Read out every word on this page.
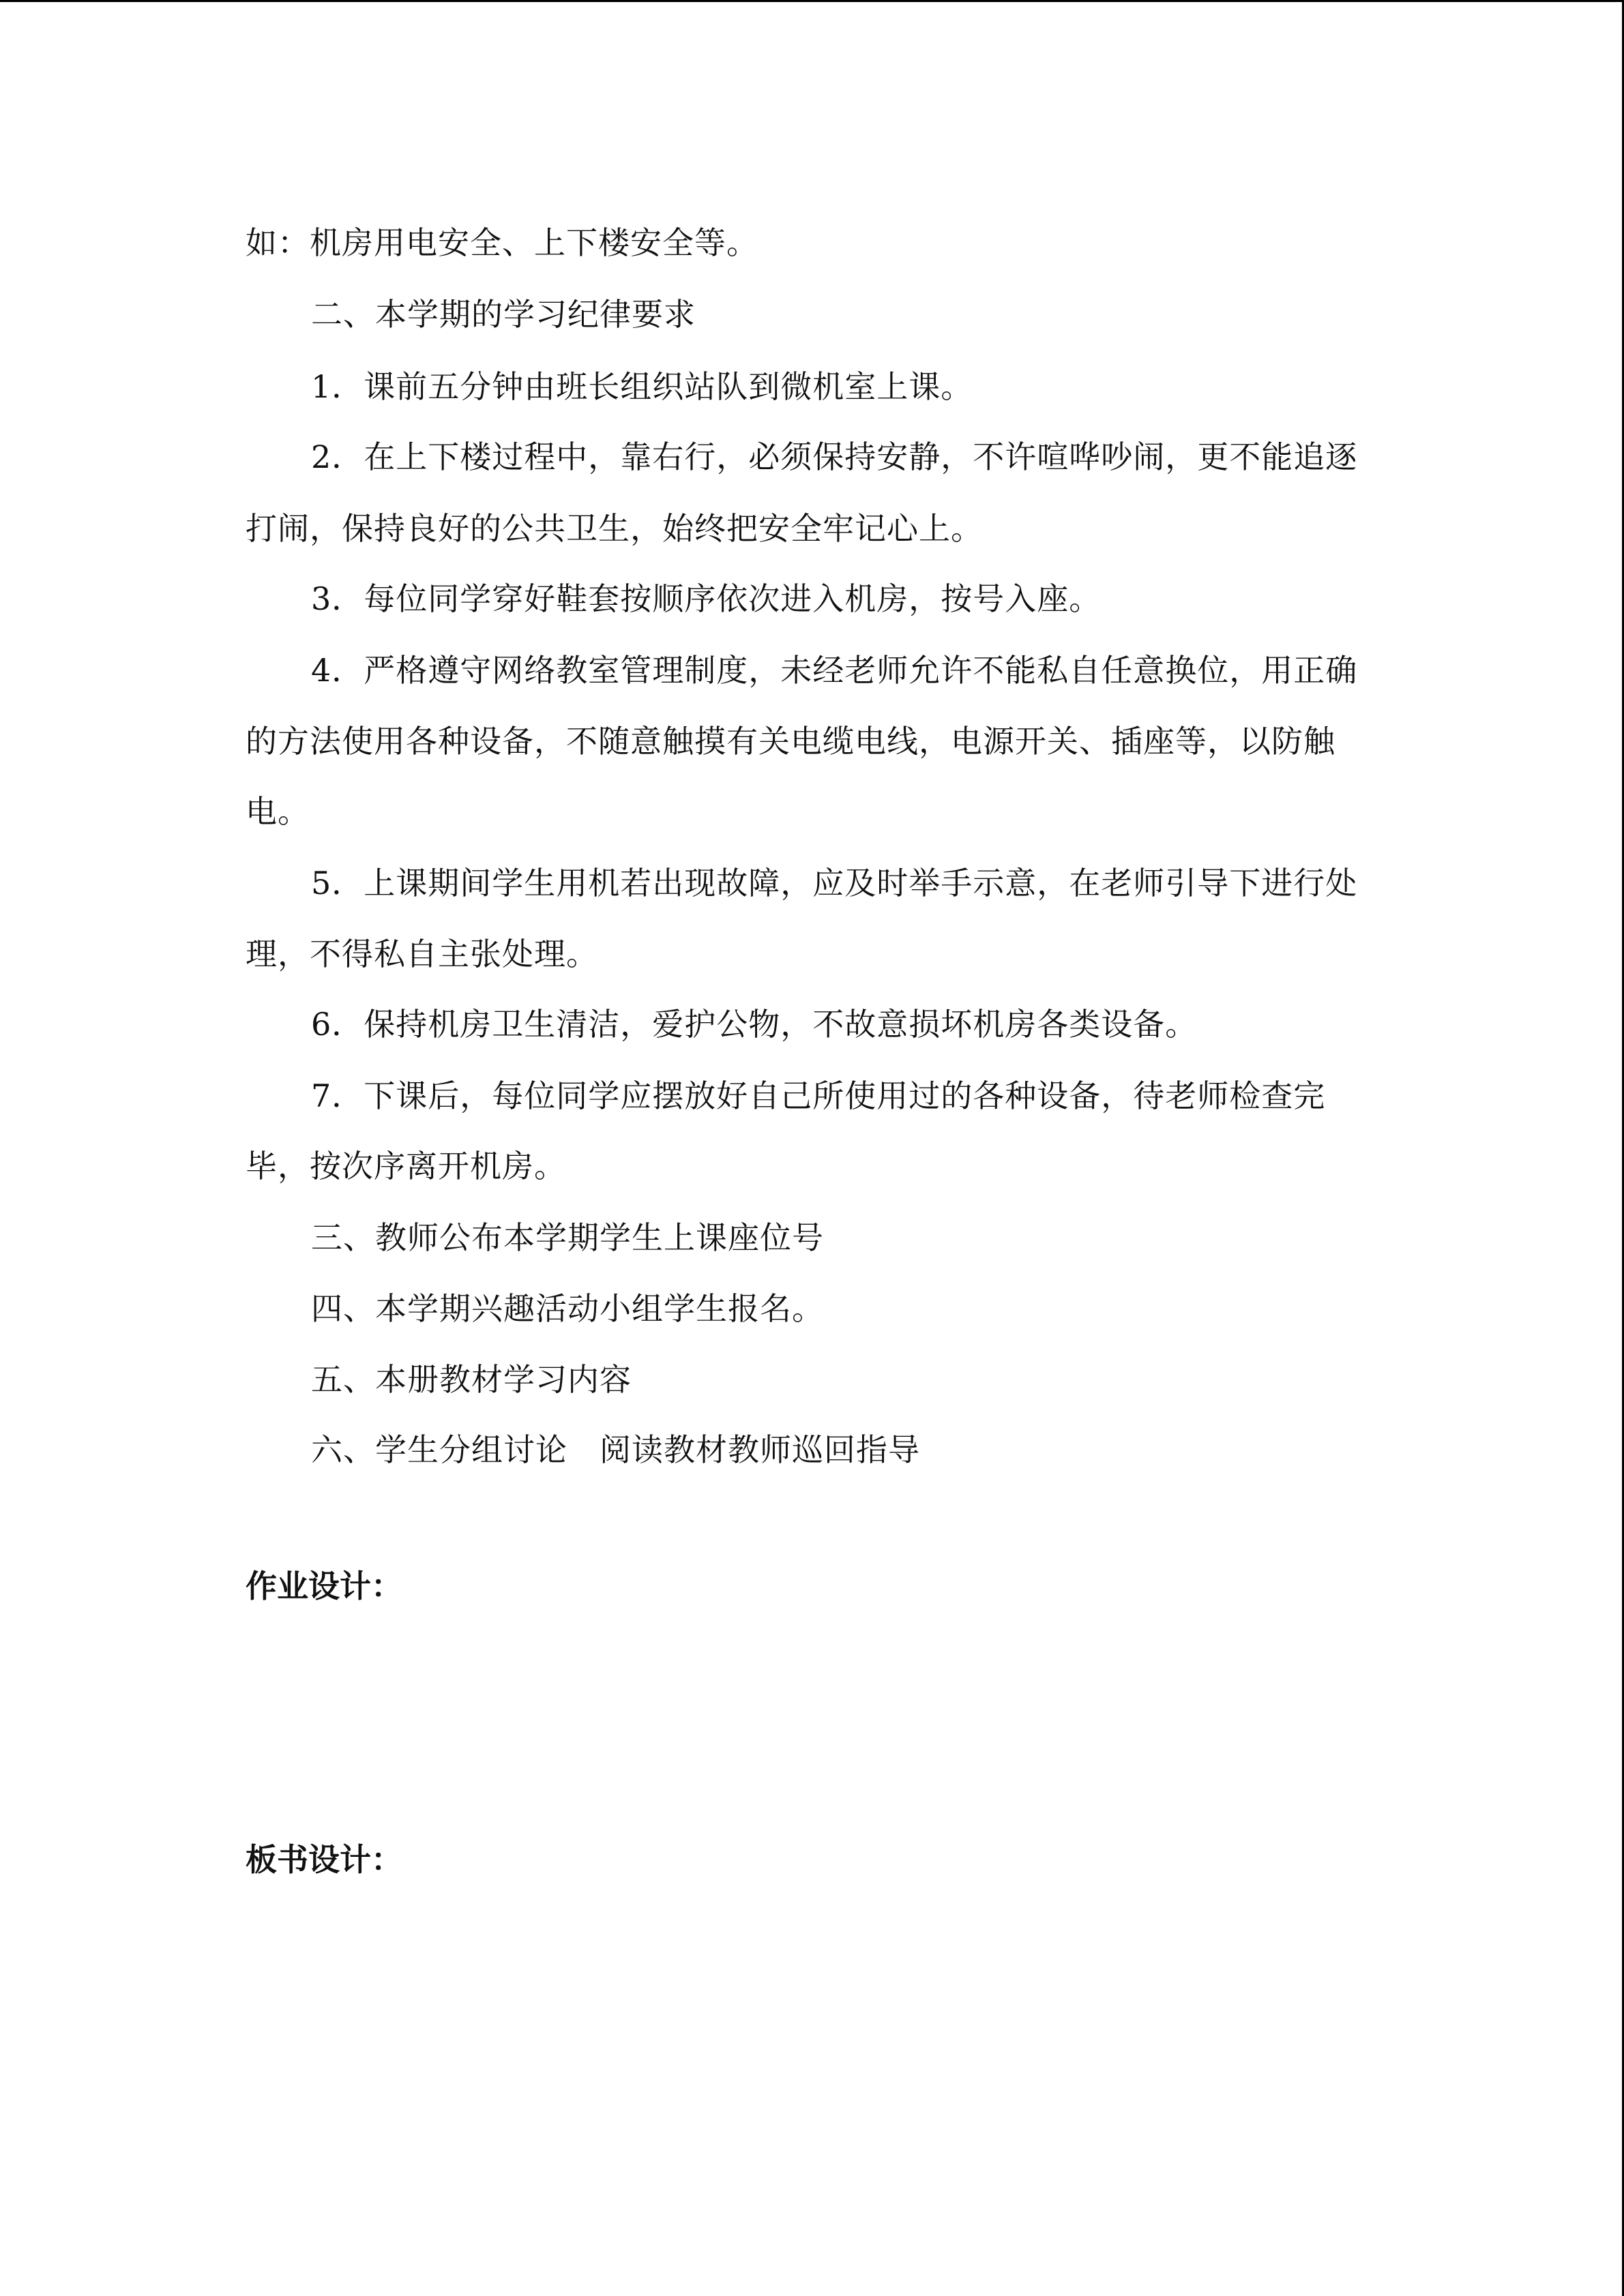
如：机房用电安全、上下楼安全等。
二、本学期的学习纪律要求
1．课前五分钟由班长组织站队到微机室上课。
2．在上下楼过程中，靠右行，必须保持安静，不许喧哗吵闹，更不能追逐
打闹，保持良好的公共卫生，始终把安全牢记心上。
3．每位同学穿好鞋套按顺序依次进入机房，按号入座。
4．严格遵守网络教室管理制度，未经老师允许不能私自任意换位，用正确
的方法使用各种设备，不随意触摸有关电缆电线，电源开关、插座等，以防触
电。
5．上课期间学生用机若出现故障，应及时举手示意，在老师引导下进行处
理，不得私自主张处理。
6．保持机房卫生清洁，爱护公物，不故意损坏机房各类设备。
7．下课后，每位同学应摆放好自己所使用过的各种设备，待老师检查完
毕，按次序离开机房。
三、教师公布本学期学生上课座位号
四、本学期兴趣活动小组学生报名。
五、本册教材学习内容
六、学生分组讨论　阅读教材教师巡回指导
作业设计：
板书设计：
